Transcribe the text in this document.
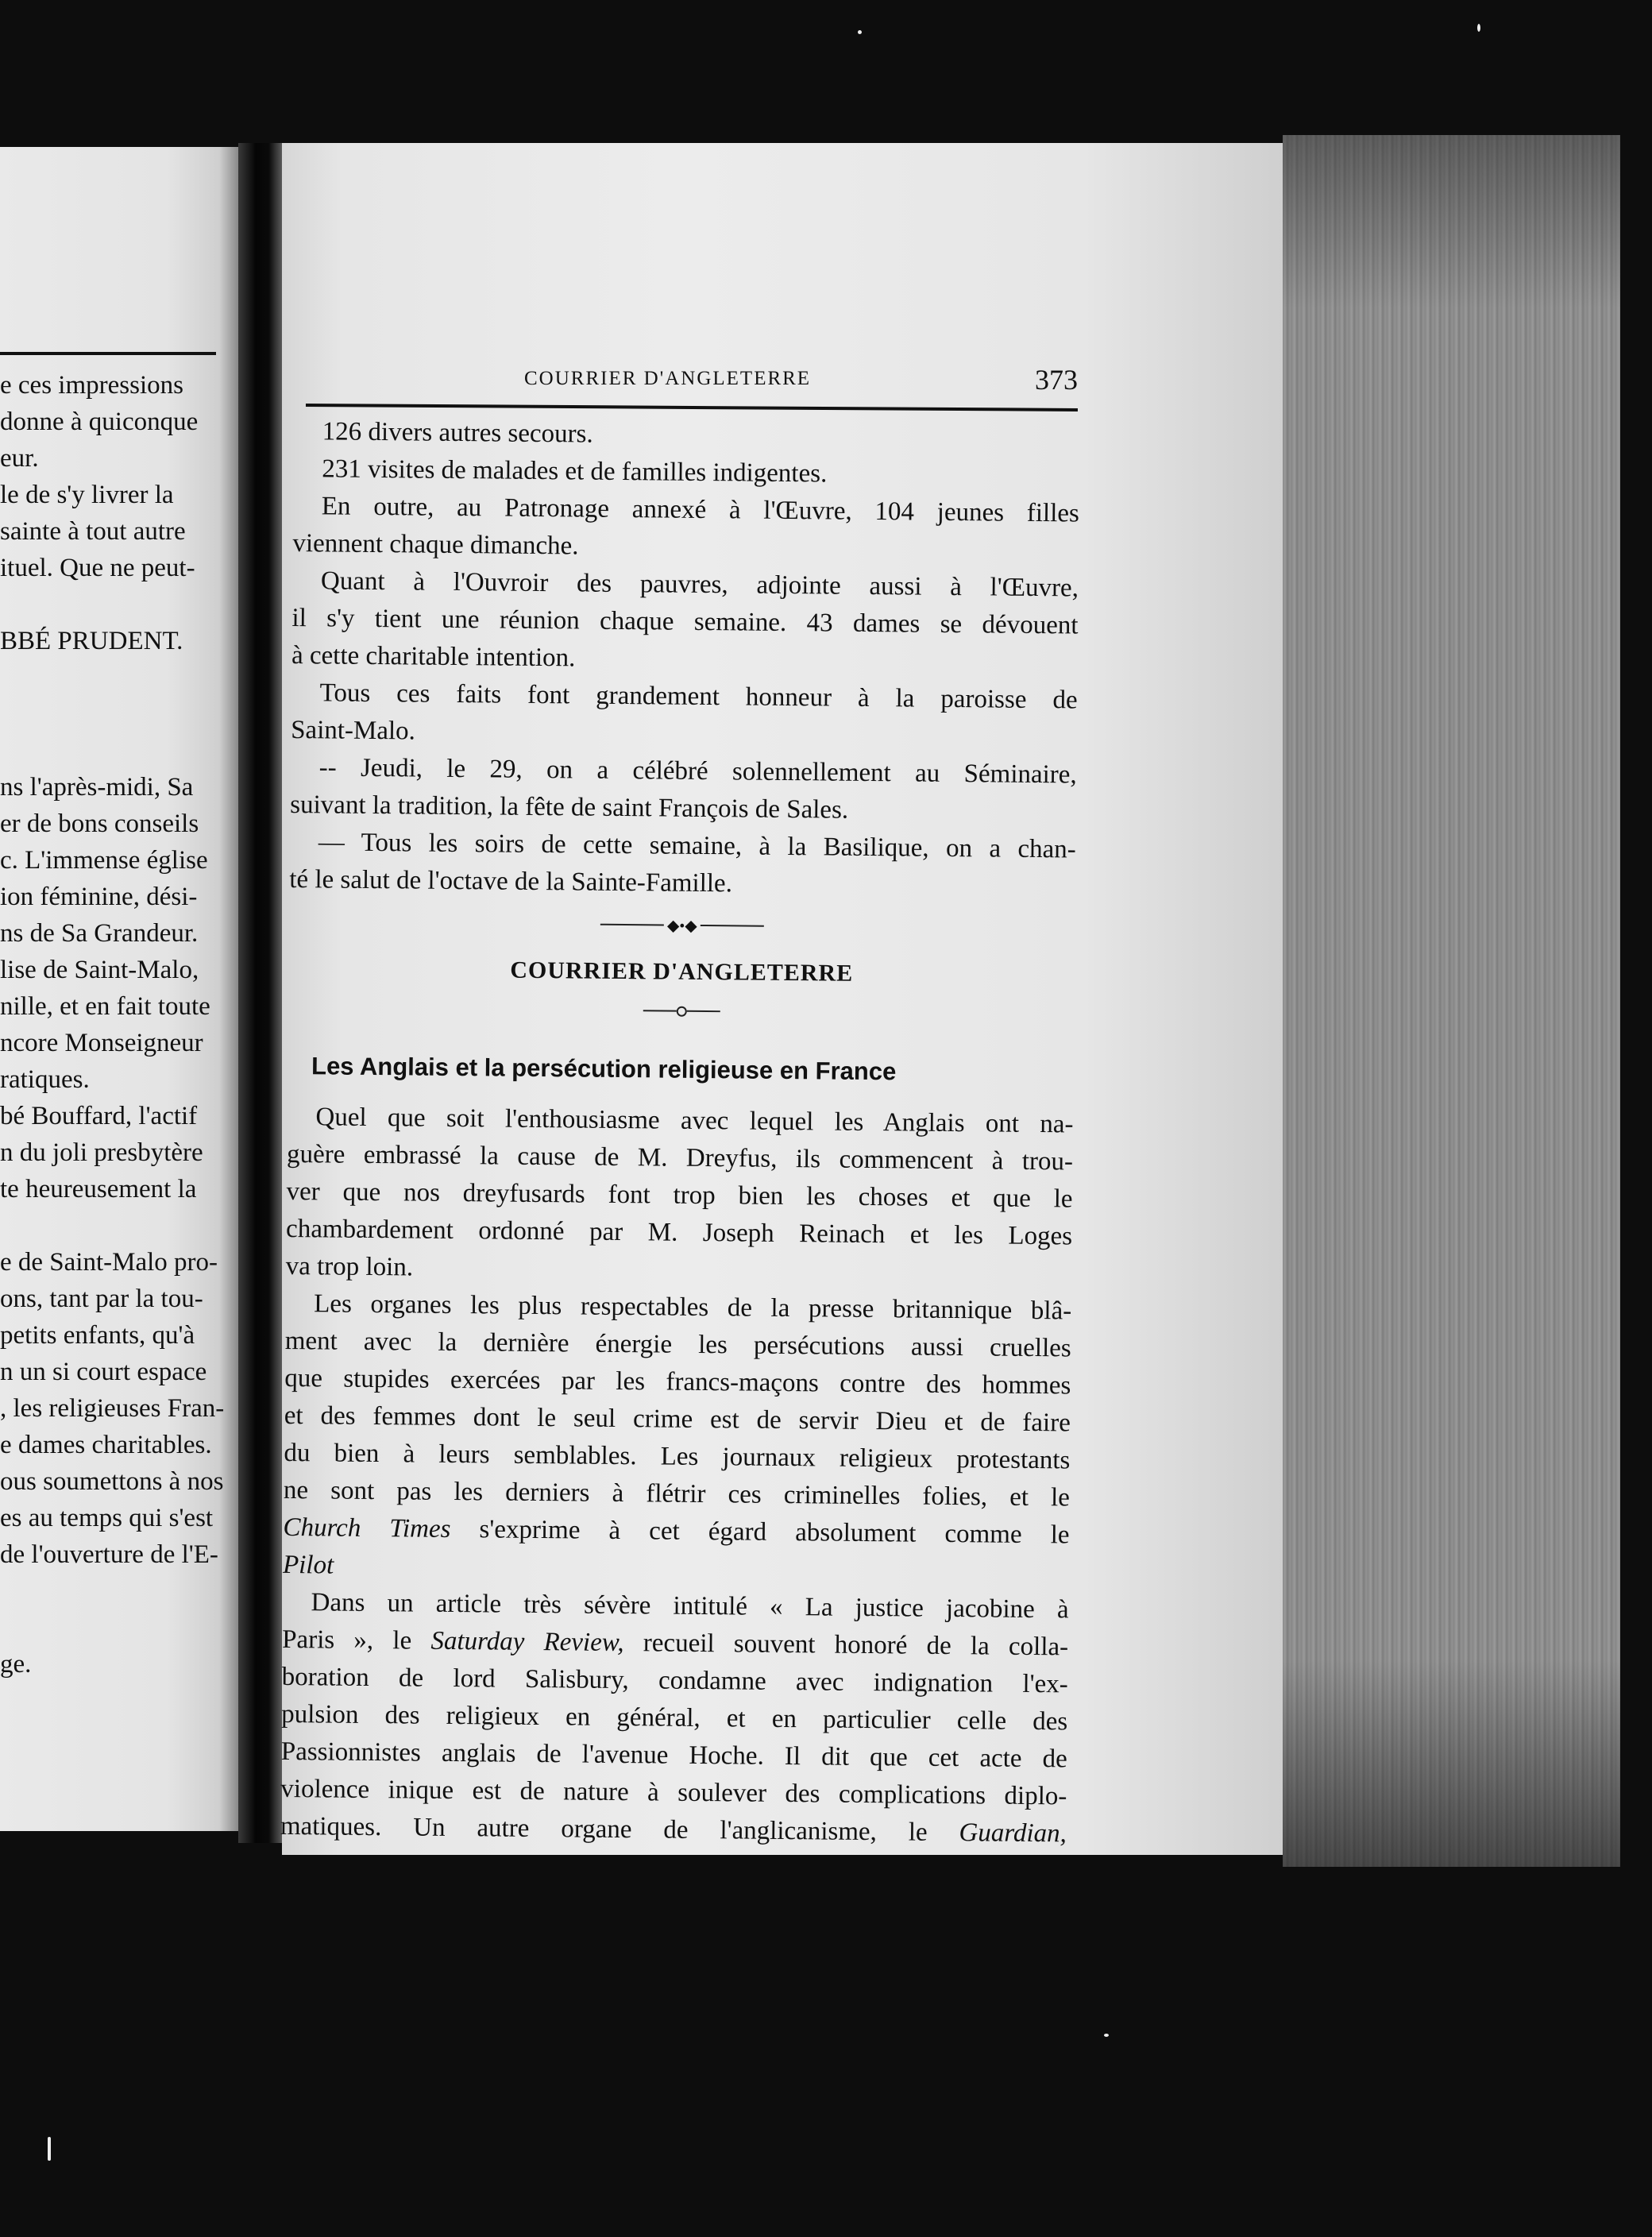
e ces impressions
donne à quiconque
eur.
le de s'y livrer la
sainte à tout autre
ituel. Que ne peut-
BBÉ PRUDENT.
ns l'après-midi, Sa
er de bons conseils
c. L'immense église
ion féminine, dési-
ns de Sa Grandeur.
lise de Saint-Malo,
nille, et en fait toute
ncore Monseigneur
ratiques.
bé Bouffard, l'actif
n du joli presbytère
te heureusement la
e de Saint-Malo pro-
ons, tant par la tou-
petits enfants, qu'à
n un si court espace
, les religieuses Fran-
e dames charitables.
ous soumettons à nos
es au temps qui s'est
de l'ouverture de l'E-
ge.
COURRIER D'ANGLETERRE	373
126 divers autres secours.
231 visites de malades et de familles indigentes.
En outre, au Patronage annexé à l'Œuvre, 104 jeunes filles
viennent chaque dimanche.
Quant à l'Ouvroir des pauvres, adjointe aussi à l'Œuvre,
il s'y tient une réunion chaque semaine. 43 dames se dévouent
à cette charitable intention.
Tous ces faits font grandement honneur à la paroisse de
Saint-Malo.
-- Jeudi, le 29, on a célébré solennellement au Séminaire,
suivant la tradition, la fête de saint François de Sales.
— Tous les soirs de cette semaine, à la Basilique, on a chan-
té le salut de l'octave de la Sainte-Famille.
◆•◆
COURRIER D'ANGLETERRE
Les Anglais et la persécution religieuse en France
Quel que soit l'enthousiasme avec lequel les Anglais ont na-
guère embrassé la cause de M. Dreyfus, ils commencent à trou-
ver que nos dreyfusards font trop bien les choses et que le
chambardement ordonné par M. Joseph Reinach et les Loges
va trop loin.
Les organes les plus respectables de la presse britannique blâ-
ment avec la dernière énergie les persécutions aussi cruelles
que stupides exercées par les francs-maçons contre des hommes
et des femmes dont le seul crime est de servir Dieu et de faire
du bien à leurs semblables. Les journaux religieux protestants
ne sont pas les derniers à flétrir ces criminelles folies, et le
Church Times s'exprime à cet égard absolument comme le
Pilot
Dans un article très sévère intitulé « La justice jacobine à
Paris », le Saturday Review, recueil souvent honoré de la colla-
boration de lord Salisbury, condamne avec indignation l'ex-
pulsion des religieux en général, et en particulier celle des
Passionnistes anglais de l'avenue Hoche. Il dit que cet acte de
violence inique est de nature à soulever des complications diplo-
matiques. Un autre organe de l'anglicanisme, le Guardian,
